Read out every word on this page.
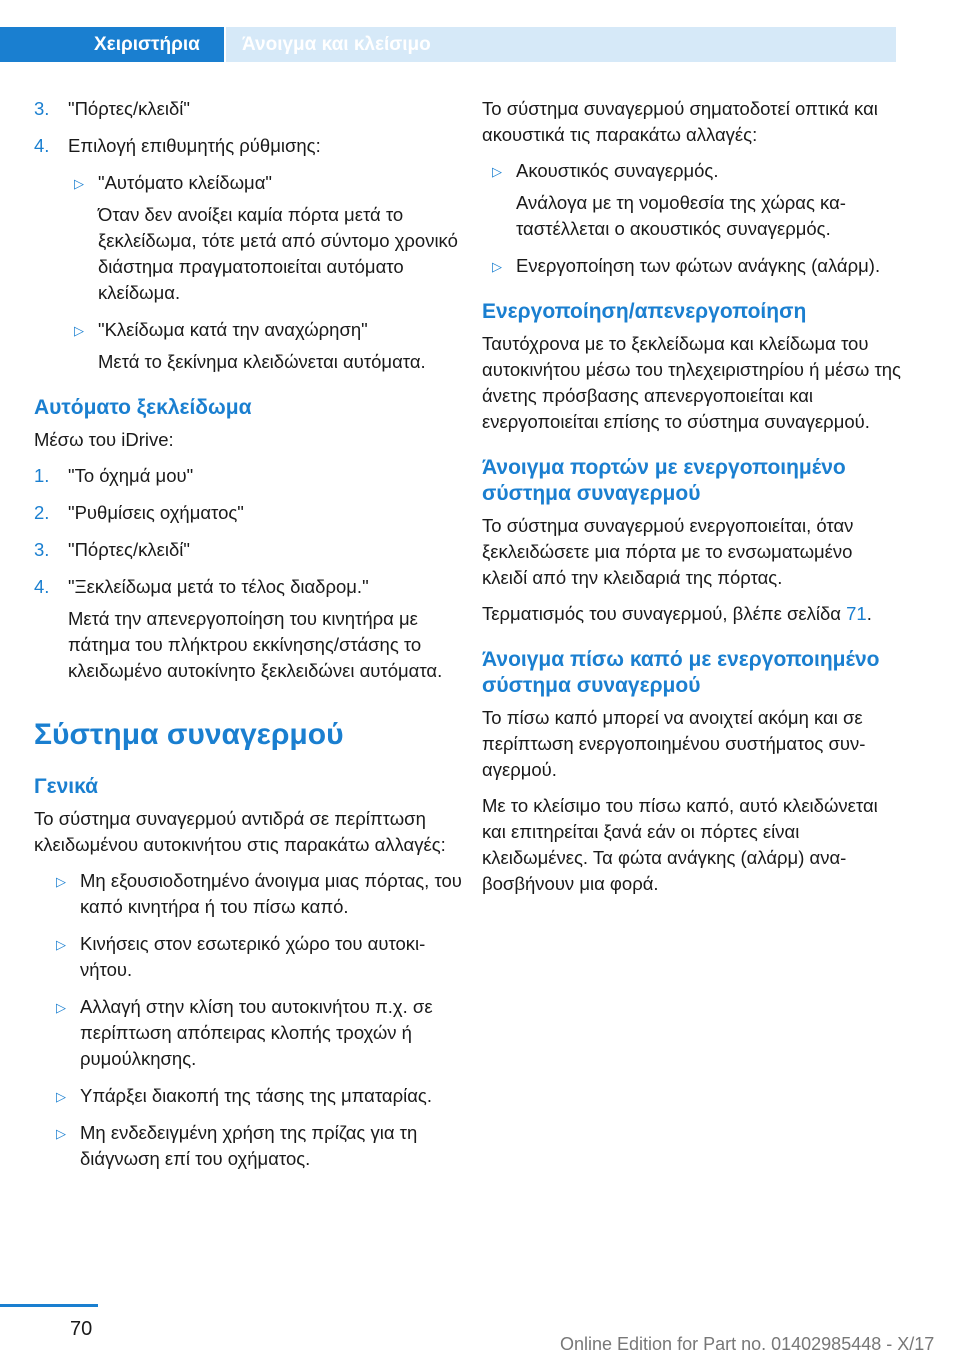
Χειριστήρια	Άνοιγμα και κλείσιμο
3.	"Πόρτες/κλειδί"
4.	Επιλογή επιθυμητής ρύθμισης:
▷ "Αυτόματο κλείδωμα"
Όταν δεν ανοίξει καμία πόρτα μετά το ξεκλείδωμα, τότε μετά από σύντομο χρονικό διάστημα πραγματοποιείται αυτόματο κλείδωμα.
▷ "Κλείδωμα κατά την αναχώρηση"
Μετά το ξεκίνημα κλειδώνεται αυτόματα.
Αυτόματο ξεκλείδωμα
Μέσω του iDrive:
1.	"Το όχημά μου"
2.	"Ρυθμίσεις οχήματος"
3.	"Πόρτες/κλειδί"
4.	"Ξεκλείδωμα μετά το τέλος διαδρομ."
Μετά την απενεργοποίηση του κινητήρα με πάτημα του πλήκτρου εκκίνησης/στάσης το κλειδωμένο αυτοκίνητο ξεκλειδώνει αυτόματα.
Σύστημα συναγερμού
Γενικά
Το σύστημα συναγερμού αντιδρά σε περίπτωση κλειδωμένου αυτοκινήτου στις παρακάτω αλλαγές:
▷ Μη εξουσιοδοτημένο άνοιγμα μιας πόρτας, του καπό κινητήρα ή του πίσω καπό.
▷ Κινήσεις στον εσωτερικό χώρο του αυτοκινήτου.
▷ Αλλαγή στην κλίση του αυτοκινήτου π.χ. σε περίπτωση απόπειρας κλοπής τροχών ή ρυμούλκησης.
▷ Υπάρξει διακοπή της τάσης της μπαταρίας.
▷ Μη ενδεδειγμένη χρήση της πρίζας για τη διάγνωση επί του οχήματος.
Το σύστημα συναγερμού σηματοδοτεί οπτικά και ακουστικά τις παρακάτω αλλαγές:
▷ Ακουστικός συναγερμός.
Ανάλογα με τη νομοθεσία της χώρας καταστέλλεται ο ακουστικός συναγερμός.
▷ Ενεργοποίηση των φώτων ανάγκης (αλάρμ).
Ενεργοποίηση/απενεργοποίηση
Ταυτόχρονα με το ξεκλείδωμα και κλείδωμα του αυτοκινήτου μέσω του τηλεχειριστηρίου ή μέσω της άνετης πρόσβασης απενεργοποιείται και ενεργοποιείται επίσης το σύστημα συναγερμού.
Άνοιγμα πορτών με ενεργοποιημένο σύστημα συναγερμού
Το σύστημα συναγερμού ενεργοποιείται, όταν ξεκλειδώσετε μια πόρτα με το ενσωματωμένο κλειδί από την κλειδαριά της πόρτας.
Τερματισμός του συναγερμού, βλέπε σελίδα 71.
Άνοιγμα πίσω καπό με ενεργοποιημένο σύστημα συναγερμού
Το πίσω καπό μπορεί να ανοιχτεί ακόμη και σε περίπτωση ενεργοποιημένου συστήματος συναγερμού.
Με το κλείσιμο του πίσω καπό, αυτό κλειδώνεται και επιτηρείται ξανά εάν οι πόρτες είναι κλειδωμένες. Τα φώτα ανάγκης (αλάρμ) αναβοσβήνουν μια φορά.
70
Online Edition for Part no. 01402985448 - X/17
